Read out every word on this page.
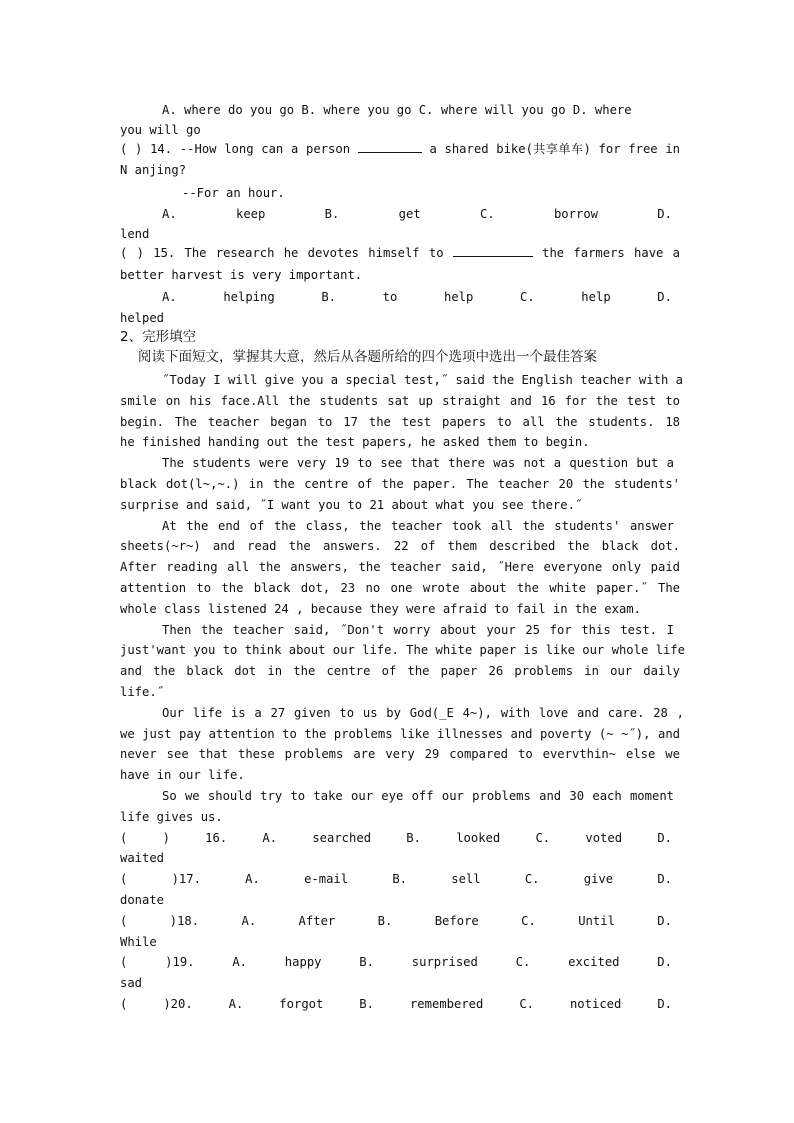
A. where do you go B. where you go C. where will you go D. where
you will go
( ) 14. --How long can a person	a shared bike(共享单车) for free in
N anjing?
--For an hour.
A. keep B. get C. borrow D.
lend
( ) 15. The research he devotes himself to	the farmers have a
better harvest is very important.
A. helping B. to help C. help D.
helped
2、完形填空
阅读下面短文，掌握其大意，然后从各题所给的四个选项中选出一个最佳答案
˝Today I will give you a special test,˝ said the English teacher with a
smile on his face.All the students sat up straight and 16 for the test to
begin. The teacher began to 17 the test papers to all the students. 18
he finished handing out the test papers, he asked them to begin.
The students were very 19 to see that there was not a question but a
black dot(l~,~.) in the centre of the paper. The teacher 20 the students'
surprise and said, ˝I want you to 21 about what you see there.˝
At the end of the class, the teacher took all the students' answer
sheets(~r~) and read the answers. 22 of them described the black dot.
After reading all the answers, the teacher said, ˝Here everyone only paid
attention to the black dot, 23 no one wrote about the white paper.˝ The
whole class listened 24 , because they were afraid to fail in the exam.
Then the teacher said, ˝Don't worry about your 25 for this test. I
just'want you to think about our life. The white paper is like our whole life
and the black dot in the centre of the paper 26 problems in our daily
life.˝
Our life is a 27 given to us by God(_E 4~), with love and care. 28 ,
we just pay attention to the problems like illnesses and poverty (~ ~˝), and
never see that these problems are very 29 compared to evervthin~ else we
have in our life.
So we should try to take our eye off our problems and 30 each moment
life gives us.
( ) 16. A. searched B. looked C. voted D.
waited
( )17. A. e-mail B. sell C. give D.
donate
( )18. A. After B. Before C. Until D.
While
( )19. A. happy B. surprised C. excited D.
sad
( )20. A. forgot B. remembered C. noticed D.
